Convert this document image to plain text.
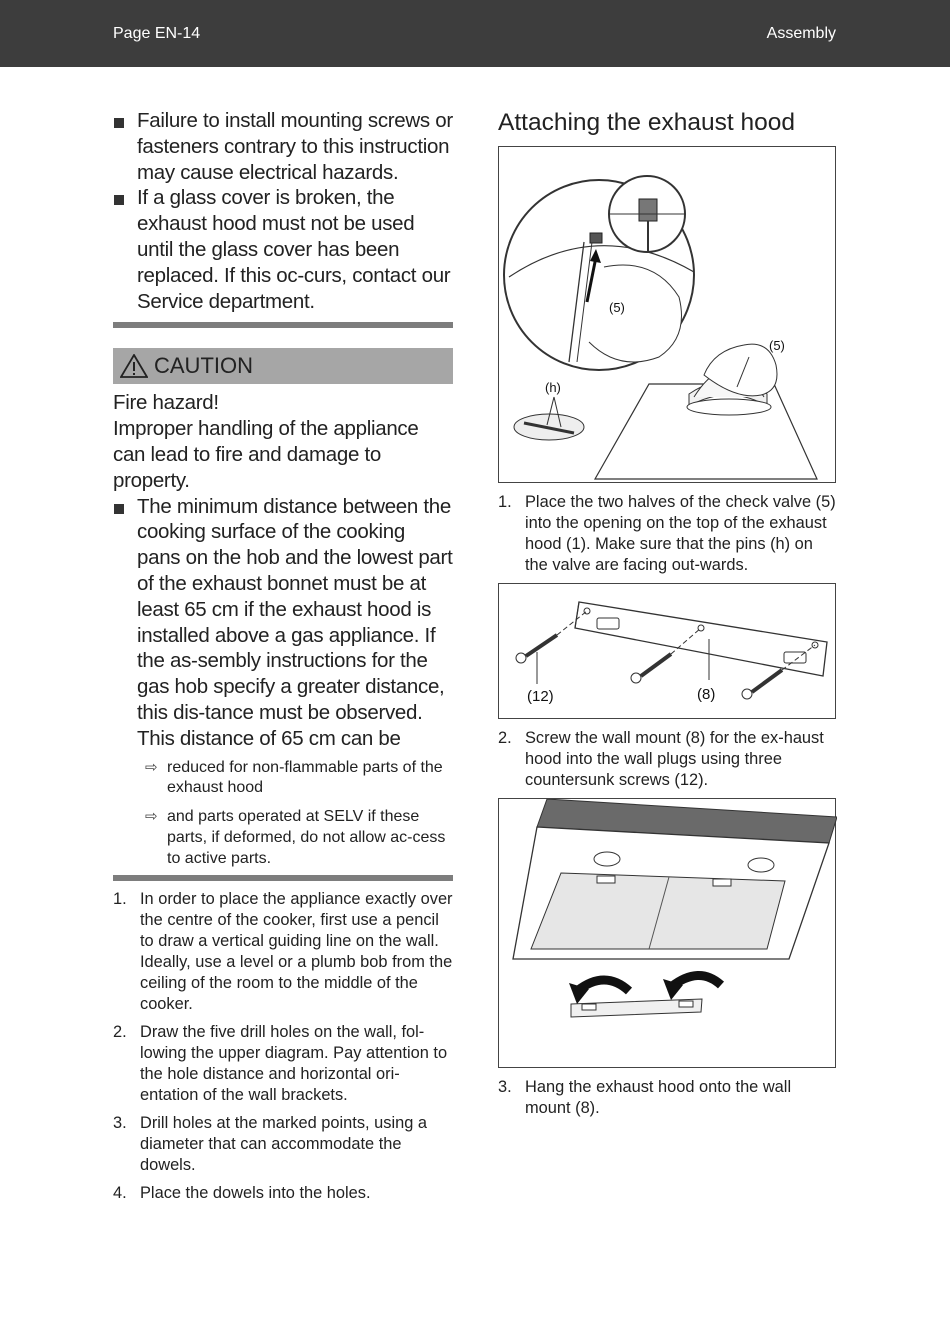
Page EN-14	Assembly
Failure to install mounting screws or fasteners contrary to this instruction may cause electrical hazards.
If a glass cover is broken, the exhaust hood must not be used until the glass cover has been replaced. If this oc-curs, contact our Service department.
CAUTION
Fire hazard!
Improper handling of the appliance can lead to fire and damage to property.
The minimum distance between the cooking surface of the cooking pans on the hob and the lowest part of the exhaust bonnet must be at least 65 cm if the exhaust hood is installed above a gas appliance. If the as-sembly instructions for the gas hob specify a greater distance, this dis-tance must be observed. This distance of 65 cm can be
⇨ reduced for non-flammable parts of the exhaust hood
⇨ and parts operated at SELV if these parts, if deformed, do not allow ac-cess to active parts.
1. In order to place the appliance exactly over the centre of the cooker, first use a pencil to draw a vertical guiding line on the wall.
Ideally, use a level or a plumb bob from the ceiling of the room to the middle of the cooker.
2. Draw the five drill holes on the wall, fol-lowing the upper diagram. Pay attention to the hole distance and horizontal ori-entation of the wall brackets.
3. Drill holes at the marked points, using a diameter that can accommodate the dowels.
4. Place the dowels into the holes.
Attaching the exhaust hood
(5)
(5)
(h)
1. Place the two halves of the check valve (5) into the opening on the top of the exhaust hood (1). Make sure that the pins (h) on the valve are facing out-wards.
(12)	(8)
2. Screw the wall mount (8) for the ex-haust hood into the wall plugs using three countersunk screws (12).
3. Hang the exhaust hood onto the wall mount (8).
